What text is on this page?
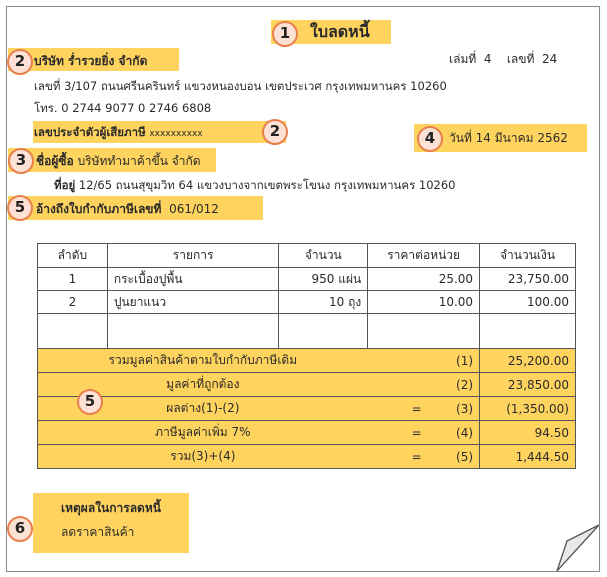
ใบลดหนี้
1
เล่มที่ 4 เลขที่ 24
2 บริษัท ร่ำรวยยิ่ง จำกัด
เลขที่ 3/107 ถนนศรีนครินทร์ แขวงหนองบอน เขตประเวศ กรุงเทพมหานคร 10260
โทร. 0 2744 9077 0 2746 6808
เลขประจำตัวผู้เสียภาษี xxxxxxxxxx	2	4	วันที่ 14 มีนาคม 2562
3 ชื่อผู้ซื้อ บริษัททำมาค้าขึ้น จำกัด
ที่อยู่ 12/65 ถนนสุขุมวิท 64 แขวงบางจากเขตพระโขนง กรุงเทพมหานคร 10260
5 อ้างถึงใบกำกับภาษีเลขที่ 061/012
ลำดับ	รายการ	จำนวน	ราคาต่อหน่วย	จำนวนเงิน
1	กระเบื้องปูพื้น	950 แผ่น	25.00	23,750.00
2	ปูนยาแนว	10 ถุง	10.00	100.00

รวมมูลค่าสินค้าตามใบกำกับภาษีเดิม			(1)	25,200.00
มูลค่าที่ถูกต้อง			(2)	23,850.00
ผลต่าง(1)-(2)			= (3)	(1,350.00)
ภาษีมูลค่าเพิ่ม 7%			= (4)	94.50
รวม(3)+(4)			= (5)	1,444.50
5
เหตุผลในการลดหนี้
ลดราคาสินค้า
6
